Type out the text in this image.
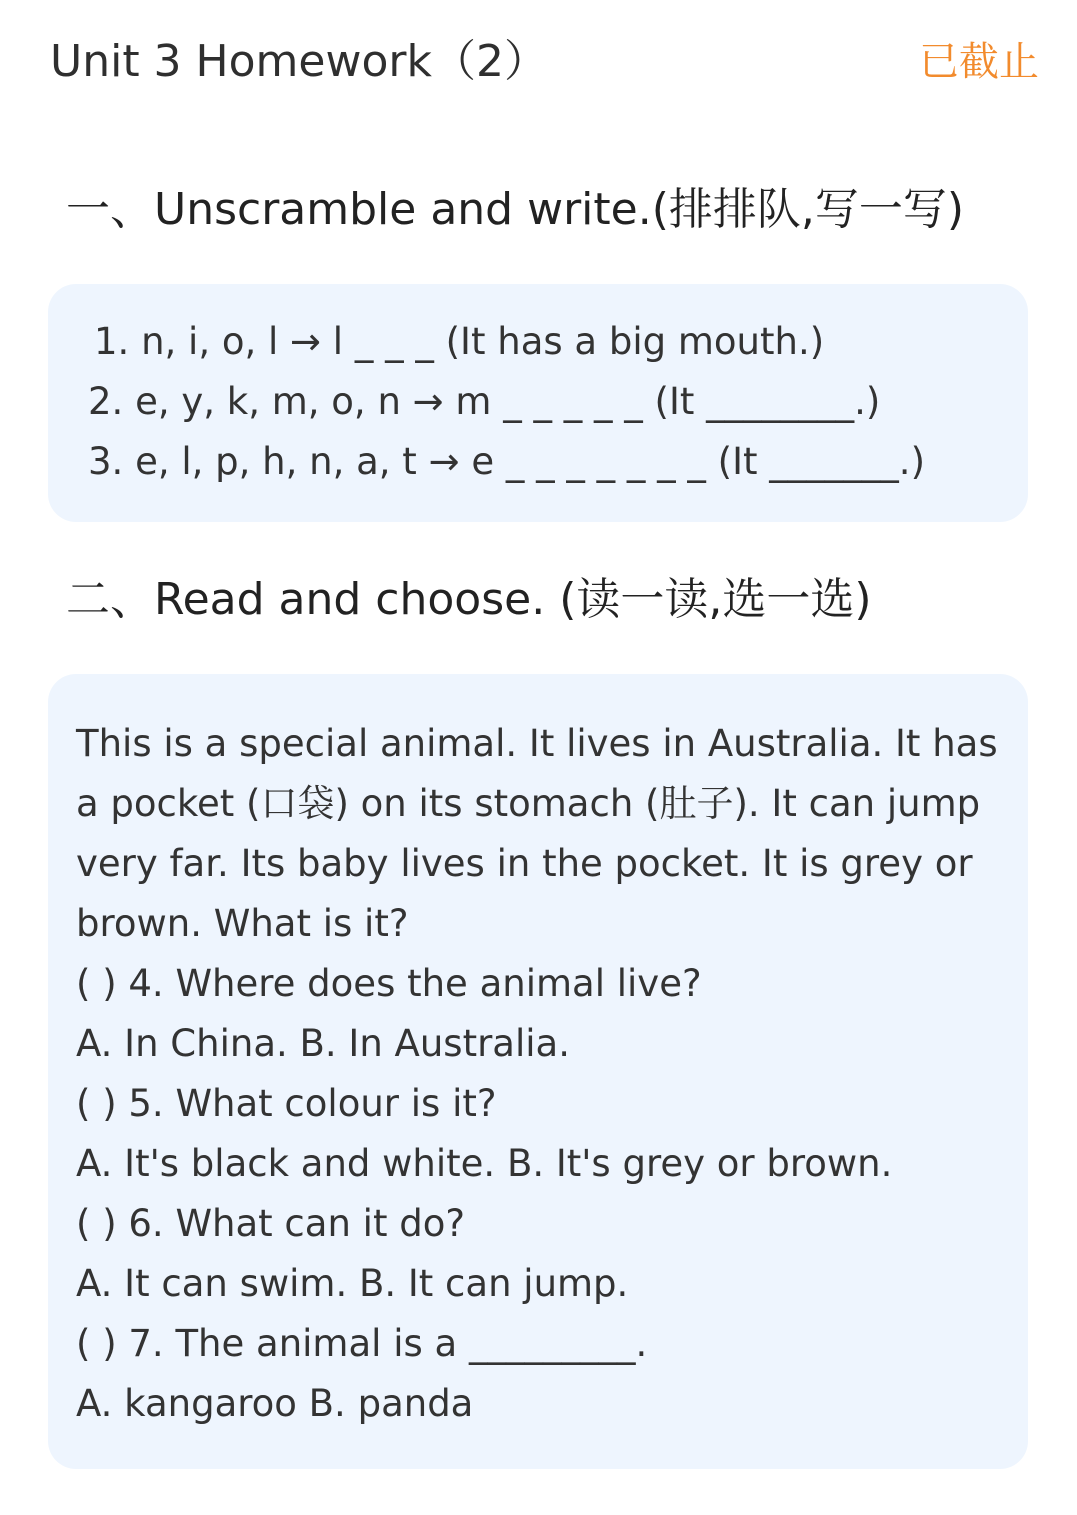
Unit 3 Homework（2）	已截止
一、Unscramble and write.(排排队,写一写)
1. n, i, o, l → l _ _ _ (It has a big mouth.)
2. e, y, k, m, o, n → m _ _ _ _ _ (It ________.)
3. e, l, p, h, n, a, t → e _ _ _ _ _ _ _ (It _______.)
二、Read and choose. (读一读,选一选)
This is a special animal. It lives in Australia. It has a pocket (口袋) on its stomach (肚子). It can jump very far. Its baby lives in the pocket. It is grey or brown. What is it?
( ) 4. Where does the animal live?
A. In China. B. In Australia.
( ) 5. What colour is it?
A. It's black and white. B. It's grey or brown.
( ) 6. What can it do?
A. It can swim. B. It can jump.
( ) 7. The animal is a _________.
A. kangaroo B. panda
